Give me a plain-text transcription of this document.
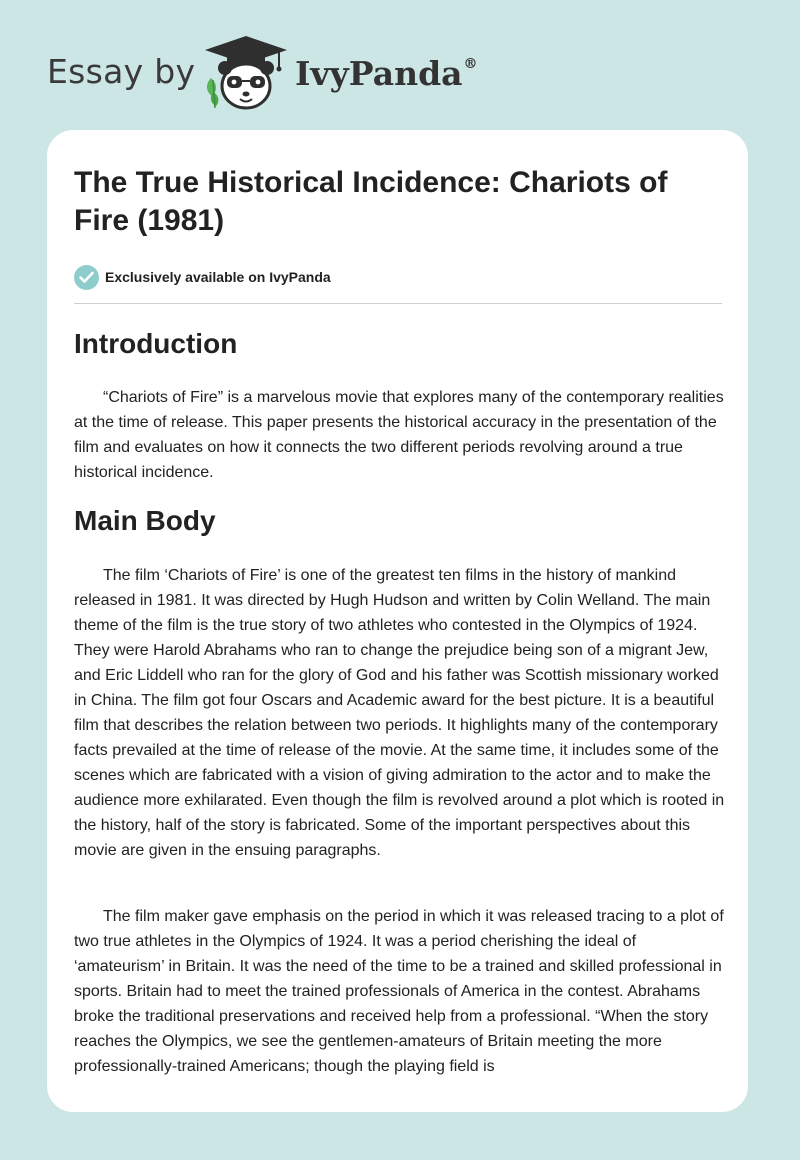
Essay by	IvyPanda®
The True Historical Incidence: Chariots of Fire (1981)
Exclusively available on IvyPanda
Introduction

“Chariots of Fire” is a marvelous movie that explores many of the contemporary realities at the time of release. This paper presents the historical accuracy in the presentation of the film and evaluates on how it connects the two different periods revolving around a true historical incidence.

Main Body

The film ‘Chariots of Fire’ is one of the greatest ten films in the history of mankind released in 1981. It was directed by Hugh Hudson and written by Colin Welland. The main theme of the film is the true story of two athletes who contested in the Olympics of 1924. They were Harold Abrahams who ran to change the prejudice being son of a migrant Jew, and Eric Liddell who ran for the glory of God and his father was Scottish missionary worked in China. The film got four Oscars and Academic award for the best picture. It is a beautiful film that describes the relation between two periods. It highlights many of the contemporary facts prevailed at the time of release of the movie. At the same time, it includes some of the scenes which are fabricated with a vision of giving admiration to the actor and to make the audience more exhilarated. Even though the film is revolved around a plot which is rooted in the history, half of the story is fabricated. Some of the important perspectives about this movie are given in the ensuing paragraphs.

The film maker gave emphasis on the period in which it was released tracing to a plot of two true athletes in the Olympics of 1924. It was a period cherishing the ideal of ‘amateurism’ in Britain. It was the need of the time to be a trained and skilled professional in sports. Britain had to meet the trained professionals of America in the contest. Abrahams broke the traditional preservations and received help from a professional. “When the story reaches the Olympics, we see the gentlemen-amateurs of Britain meeting the more professionally-trained Americans; though the playing field is
